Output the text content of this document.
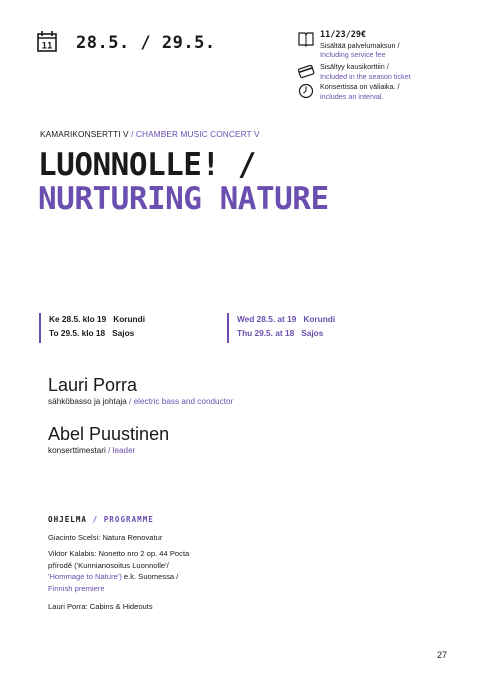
11 28.5. / 29.5.	11/23/29€
Sisältää palvelumaksun /
Including service fee
Sisältyy kausikorttiin /
Included in the season ticket
Konsertissa on väliaika. /
includes an interval.
KAMARIKONSERTTI V / CHAMBER MUSIC CONCERT V
LUONNOLLE! /
NURTURING NATURE
Ke 28.5. klo 19 Korundi
To 29.5. klo 18 Sajos
Wed 28.5. at 19 Korundi
Thu 29.5. at 18 Sajos
Lauri Porra
sähköbasso ja johtaja / electric bass and conductor
Abel Puustinen
konserttimestari / leader
OHJELMA / PROGRAMME
Giacinto Scelsi: Natura Renovatur
Viktor Kalabis: Nonetto nro 2 op. 44 Pocta
přírodě ('Kunnianosoitus Luonnolle'/
'Hommage to Nature') e.k. Suomessa /
Finnish premiere
Lauri Porra: Cabins & Hideouts
27
